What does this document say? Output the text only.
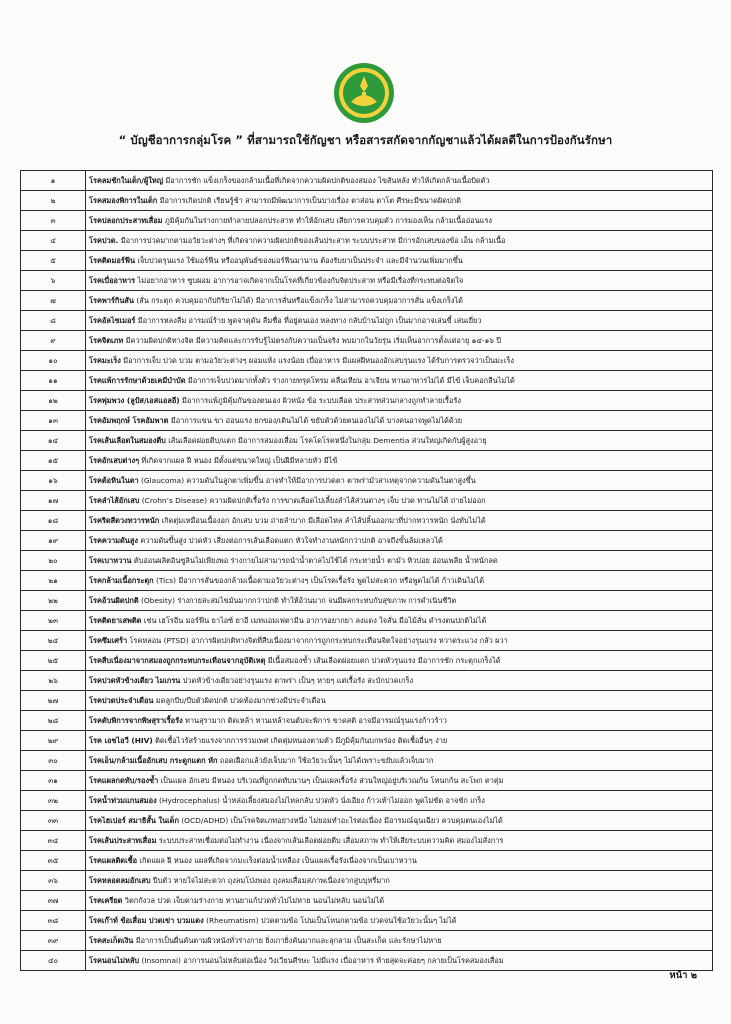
“ บัญชีอาการกลุ่มโรค ” ที่สามารถใช้กัญชา หรือสารสกัดจากกัญชาแล้วได้ผลดีในการป้องกันรักษา
๑	โรคลมชักในเด็ก/ผู้ใหญ่ มีอาการชัก แข็งเกร็งของกล้ามเนื้อที่เกิดจากความผิดปกติของสมอง ไขสันหลัง ทำให้เกิดกล้ามเนื้อบิดตัว
๒	โรคสมองพิการในเด็ก มีอาการเกิดปกติ เรียนรู้ช้า สามารถมีพัฒนาการเป็นบางเรื่อง ตาส่อน ตาโต ศีรษะมีขนาดผิดปกติ
๓	โรคปลอกประสาทเสื่อม ภูมิคุ้มกันในร่างกายทำลายปลอกประสาท ทำให้อักเสบ เสียการควบคุมตัว การมองเห็น กล้ามเนื้ออ่อนแรง
๔	โรคปวด. มีอาการปวดมากตามอวัยวะต่างๆ ที่เกิดจากความผิดปกติของเส้นประสาท ระบบประสาท มีการอักเสบของข้อ เอ็น กล้ามเนื้อ
๕	โรคติดมอร์ฟีน เจ็บปวดรุนแรง ใช้มอร์ฟีน หรืออนุพันธ์ของมอร์ฟีนมานาน ต้องรับยาเป็นประจำ และมีจำนวนเพิ่มมากขึ้น
๖	โรคเบื่ออาหาร ไม่อยากอาหาร ซูบผอม อาการอาจเกิดจากเป็นโรคที่เกี่ยวข้องกับจิตประสาท หรือมีเรื่องที่กระทบต่อจิตใจ
๗	โรคพาร์กินสัน (สั่น กระตุก ควบคุมอากัปกิริยาไม่ได้) มีอาการสั่นหรือแข็งเกร็ง ไม่สามารถควบคุมอาการสั่น แข็งเกร็งได้
๘	โรคอัลไซเมอร์ มีอาการหลงลืม อารมณ์ร้าย พูดจาดุดัน ลืมชื่อ ที่อยู่ตนเอง หลงทาง กลับบ้านไม่ถูก เป็นมากอาจเล่นขี้ เล่นเยี่ยว
๙	โรคจิตเภท มีความผิดปกติทางจิต มีความคิดและการรับรู้ไม่ตรงกับความเป็นจริง พบมากในวัยรุ่น เริ่มเห็นอาการตั้งแต่อายุ ๑๔-๑๖ ปี
๑๐	โรคมะเร็ง มีอาการเจ็บ ปวด บวม ตามอวัยวะต่างๆ ผอมแห้ง แรงน้อย เบื่ออาหาร มีแผลฝีหนองอักเสบรุนแรง ได้รับการตรวจว่าเป็นมะเร็ง
๑๑	โรคแพ้การรักษาด้วยเคมีบำบัด มีอาการเจ็บปวดมากทั้งตัว ร่างกายทรุดโทรม คลื่นเหียน อาเจียน ทานอาหารไม่ได้ มีไข้ เจ็บคอกลืนไม่ได้
๑๒	โรคพุ่มพวง (ลูปัส/เอสแอลอี) มีอาการแพ้ภูมิคุ้มกันของตนเอง ผิวหนัง ข้อ ระบบเลือด ประสาทส่วนกลางถูกทำลายเรื้อรัง
๑๓	โรคอัมพฤกษ์ โรคอัมพาต มีอาการแขน ขา อ่อนแรง ยกของ/เดินไม่ได้ ขยับตัวด้วยตนเองไม่ได้ บางคนอาจพูดไม่ได้ด้วย
๑๔	โรคเส้นเลือดในสมองตีบ เส้นเลือดฝอยตีบ/แตก มีอาการสมองเสื่อม โรคโดโรคหนึ่งในกลุ่ม Dementia ส่วนใหญ่เกิดกับผู้สูงอายุ
๑๕	โรคอักเสบต่างๆ ที่เกิดจากแผล ฝี หนอง มีตั้งแต่ขนาดใหญ่ เป็นฝีมีหลายหัว มีไข้
๑๖	โรคต้อหินในตา (Glaucoma) ความดันในลูกตาเพิ่มขึ้น อาจทำให้มีอาการปวดตา ตาพร่ามัวสาเหตุจากความดันในตาสูงขึ้น
๑๗	โรคลำไส้อักเสบ (Crohn’s Disease) ความผิดปกติเรื้อรัง การขาดเลือดไปเลี้ยงลำไส้ส่วนต่างๆ เจ็บ ปวด ทานไม่ได้ ถ่ายไม่ออก
๑๘	โรคริดสีดวงทวารหนัก เกิดตุ่มเหมือนเนื้องอก อักเสบ บวม ถ่ายลำบาก มีเลือดไหล ลำไส้ปลิ้นออกมาที่ปากทวารหนัก นั่งทับไม่ได้
๑๙	โรคความดันสูง ความดันขึ้นสูง ปวดหัว เสี่ยงต่อการเส้นเลือดแตก หัวใจทำงานหนักกว่าปกติ อาจถึงขั้นล้มเหลวได้
๒๐	โรคเบาหวาน ตับอ่อนผลิตอินซูลินไม่เพียงพอ ร่างกายไม่สามารถนำน้ำตาลไปใช้ได้ กระหายน้ำ ตามัว หิวบ่อย อ่อนเพลีย น้ำหนักลด
๒๑	โรคกล้ามเนื้อกระตุก (Tics) มีอาการสั่นของกล้ามเนื้อตามอวัยวะต่างๆ เป็นโรคเรื้อรัง พูดไม่สะดวก หรือพูดไม่ได้ ก้าวเดินไม่ได้
๒๒	โรคอ้วนผิดปกติ (Obesity) ร่างกายสะสมไขมันมากกว่าปกติ ทำให้อ้วนมาก จนมีผลกระทบกับสุขภาพ การดำเนินชีวิต
๒๓	โรคติดยาเสพติด เช่น เฮโรอีน มอร์ฟีน ยาไอซ์ ยาอี เมทแอมเฟตามีน อาการอยากยา ลงแดง ใจสั่น มือไม้สั่น ดำรงตนปกติไม่ได้
๒๔	โรคซึมเศร้า โรคหลอน (PTSD) อาการผิดปกติทางจิตที่สืบเนื่องมาจากการถูกกระทบกระเทือนจิตใจอย่างรุนแรง หวาดระแวง กลัว ผวา
๒๕	โรคสืบเนื่องมาจากสมองถูกกระทบกระเทือนจากอุบัติเหตุ มีเนื้อสมองช้ำ เส้นเลือดฝอยแตก ปวดหัวรุนแรง มีอาการชัก กระตุกเกร็งได้
๒๖	โรคปวดหัวข้างเดียว ไมเกรน ปวดหัวข้างเดียวอย่างรุนแรง ตาพร่า เป็นๆ หายๆ แต่เรื้อรัง สะบักปวดเกร็ง
๒๗	โรคปวดประจำเดือน มดลูกบีบ/บีบตัวผิดปกติ ปวดท้องมากช่วงมีประจำเดือน
๒๘	โรคตับพิการจากพิษสุราเรื้อรัง ทานสุรามาก ติดเหล้า ทานเหล้าจนตับจะพิการ ขาดสติ อาจมีอารมณ์รุนแรงก้าวร้าว
๒๙	โรค เอชไอวี (HIV) ติดเชื้อไวรัสร้ายแรงจากการร่วมเพศ เกิดตุ่มหนองตามตัว มีภูมิคุ้มกันบกพร่อง ติดเชื้ออื่นๆ ง่าย
๓๐	โรคเอ็น/กล้ามเนื้ออักเสบ กระดูกแตก หัก ถอดเฝือกแล้วยังเจ็บมาก ใช้อวัยวะนั้นๆ ไม่ได้เพราะขยับแล้วเจ็บมาก
๓๑	โรคแผลกดทับ/รองช้ำ เป็นแผล อักเสบ มีหนอง บริเวณที่ถูกกดทับนานๆ เป็นแผลเรื้อรัง ส่วนใหญ่อยู่บริเวณก้น โหนกก้น สะโพก ตาตุ่ม
๓๒	โรคน้ำท่วมแกนสมอง (Hydrocephalus) น้ำหล่อเลี้ยงสมองไม่ไหลกลับ ปวดหัว นั่งเอียง ก้าวเท้าไม่ออก พูดไม่ชัด อาจชัก เกร็ง
๓๓	โรคไฮเปอร์ สมาธิสั้น ในเด็ก (OCD/ADHD) เป็นโรคจิตเภทอย่างหนึ่ง ไม่ยอมทำอะไรต่อเนื่อง มีอารมณ์ฉุนเฉียว ควบคุมตนเองไม่ได้
๓๔	โรคเส้นประสาทเสื่อม ระบบประสาทเชื่อมต่อไม่ทำงาน เนื่องจากเส้นเลือดฝอยตีบ เสื่อมสภาพ ทำให้เสียระบบความคิด สมองไม่สั่งการ
๓๕	โรคแผลติดเชื้อ เกิดแผล ฝี หนอง แผลที่เกิดจากมะเร็งต่อมน้ำเหลือง เป็นแผลเรื้อรังเนื่องจากเป็นเบาหวาน
๓๖	โรคหลอดลมอักเสบ ปีบตัว หายใจไม่สะดวก ถุงลมโป่งพอง ถุงลมเสื่อมสภาพเนื่องจากสูบบุหรี่มาก
๓๗	โรคเครียด วิตกกังวล ปวด เจ็บตามร่างกาย ทานยาแก้ปวดทั่วไปไม่หาย นอนไม่หลับ นอนไม่ได้
๓๘	โรคเก๊าท์ ข้อเสื่อม ปวดเข่า บวมแดง (Rheumatism) ปวดตามข้อ โปนเป็นโหนกตามข้อ ปวดจนใช้อวัยวะนั้นๆ ไม่ได้
๓๙	โรคสะเก็ดเงิน มีอาการเป็นผื่นคันตามผิวหนังทั่วร่างกาย ยิ่งเกายิ่งคันมากและลุกลาม เป็นสะเก็ด และรักษาไม่หาย
๔๐	โรคนอนไม่หลับ (Insomnai) อาการนอนไม่หลับต่อเนื่อง วิงเวียนศีรษะ ไม่มีแรง เบื่ออาหาร ท้ายสุดจะค่อยๆ กลายเป็นโรคสมองเสื่อม
หน้า ๒
